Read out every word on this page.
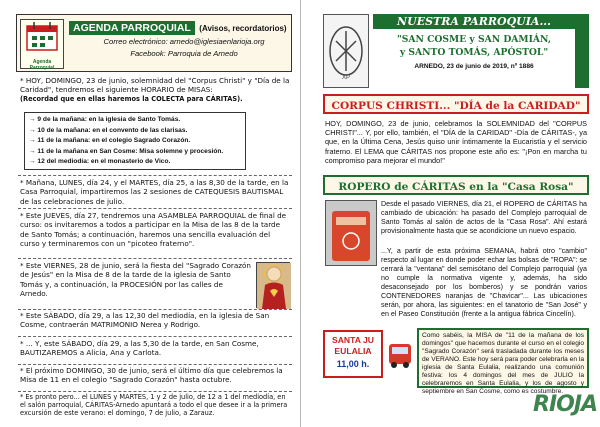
Agenda Parroquial
AGENDA PARROQUIAL (Avisos, recordatorios)
Correo electrónico: arnedo@iglesiaenlarioja.org
Facebook: Parroquia de Arnedo
* HOY, DOMINGO, 23 de junio, solemnidad del "Corpus Christi" y "Día de la Caridad", tendremos el siguiente HORARIO de MISAS:
(Recordad que en ellas haremos la COLECTA para CÁRITAS).
→ 9 de la mañana: en la iglesia de Santo Tomás.
→ 10 de la mañana: en el convento de las clarisas.
→ 11 de la mañana: en el colegio Sagrado Corazón.
→ 11 de la mañana en San Cosme: Misa solemne y procesión.
→ 12 del mediodía: en el monasterio de Vico.
* Mañana, LUNES, día 24, y el MARTES, día 25, a las 8,30 de la tarde, en la Casa Parroquial, impartiremos las 2 sesiones de CATEQUESIS BAUTISMAL de las celebraciones de julio.
* Este JUEVES, día 27, tendremos una ASAMBLEA PARROQUIAL de final de curso: os invitaremos a todos a participar en la Misa de las 8 de la tarde de Santo Tomás; a continuación, haremos una sencilla evaluación del curso y terminaremos con un "picoteo fraterno".
* Este VIERNES, 28 de junio, será la fiesta del "Sagrado Corazón de Jesús" en la Misa de 8 de la tarde de la iglesia de Santo Tomás y, a continuación, la PROCESIÓN por las calles de Arnedo.
* Este SÁBADO, día 29, a las 12,30 del mediodía, en la iglesia de San Cosme, contraerán MATRIMONIO Nerea y Rodrigo.
* ... Y, este SÁBADO, día 29, a las 5,30 de la tarde, en San Cosme, BAUTIZAREMOS a Alicia, Ana y Carlota.
* El próximo DOMINGO, 30 de junio, será el último día que celebremos la Misa de 11 en el colegio "Sagrado Corazón" hasta octubre.
* Es pronto pero... el LUNES y MARTES, 1 y 2 de julio, de 12 a 1 del mediodía, en el salón parroquial, CÁRITAS-Arnedo apuntará a todo el que desee ir a la primera excursión de este verano: el domingo, 7 de julio, a Zarauz.
XP
NUESTRA PARROQUIA...
"SAN COSME y SAN DAMIÁN,
y SANTO TOMÁS, APÓSTOL"
ARNEDO, 23 de junio de 2019, nº 1886
CORPUS CHRISTI... "DÍA de la CARIDAD"
HOY, DOMINGO, 23 de junio, celebramos la SOLEMNIDAD del "CORPUS CHRISTI"... Y, por ello, también, el "DÍA de la CARIDAD" -Día de CÁRITAS-, ya que, en la Última Cena, Jesús quiso unir íntimamente la Eucaristía y el servicio fraterno. El LEMA que CÁRITAS nos propone este año es: "¡Pon en marcha tu compromiso para mejorar el mundo!"
ROPERO de CÁRITAS en la "Casa Rosa"
Desde el pasado VIERNES, día 21, el ROPERO de CÁRITAS ha cambiado de ubicación: ha pasado del Complejo parroquial de Santo Tomás al salón de actos de la "Casa Rosa". Ahí estará provisionalmente hasta que se acondicione un nuevo espacio.
...Y, a partir de esta próxima SEMANA, habrá otro "cambio" respecto al lugar en donde poder echar las bolsas de "ROPA": se cerrará la "ventana" del semisótano del Complejo parroquial (ya no cumple la normativa vigente y, además, ha sido desaconsejado por los bomberos) y se pondrán varios CONTENEDORES naranjas de "Chavicar"... Las ubicaciones serán, por ahora, las siguientes: en el tanatorio de "San José" y en el Paseo Constitución (frente a la antigua fábrica Cincelín).
SANTA JU
EULALIA
11,00 h.
Como sabéis, la MISA de "11 de la mañana de los domingos" que hacemos durante el curso en el colegio "Sagrado Corazón" será trasladada durante los meses de VERANO. Este hoy será para poder celebrarla en la iglesia de Santa Eulalia, realizando una comunión festiva: los 4 domingos del mes de JULIO la celebraremos en Santa Eulalia, y los de agosto y septiembre en San Cosme, como es costumbre.
RIOJA
